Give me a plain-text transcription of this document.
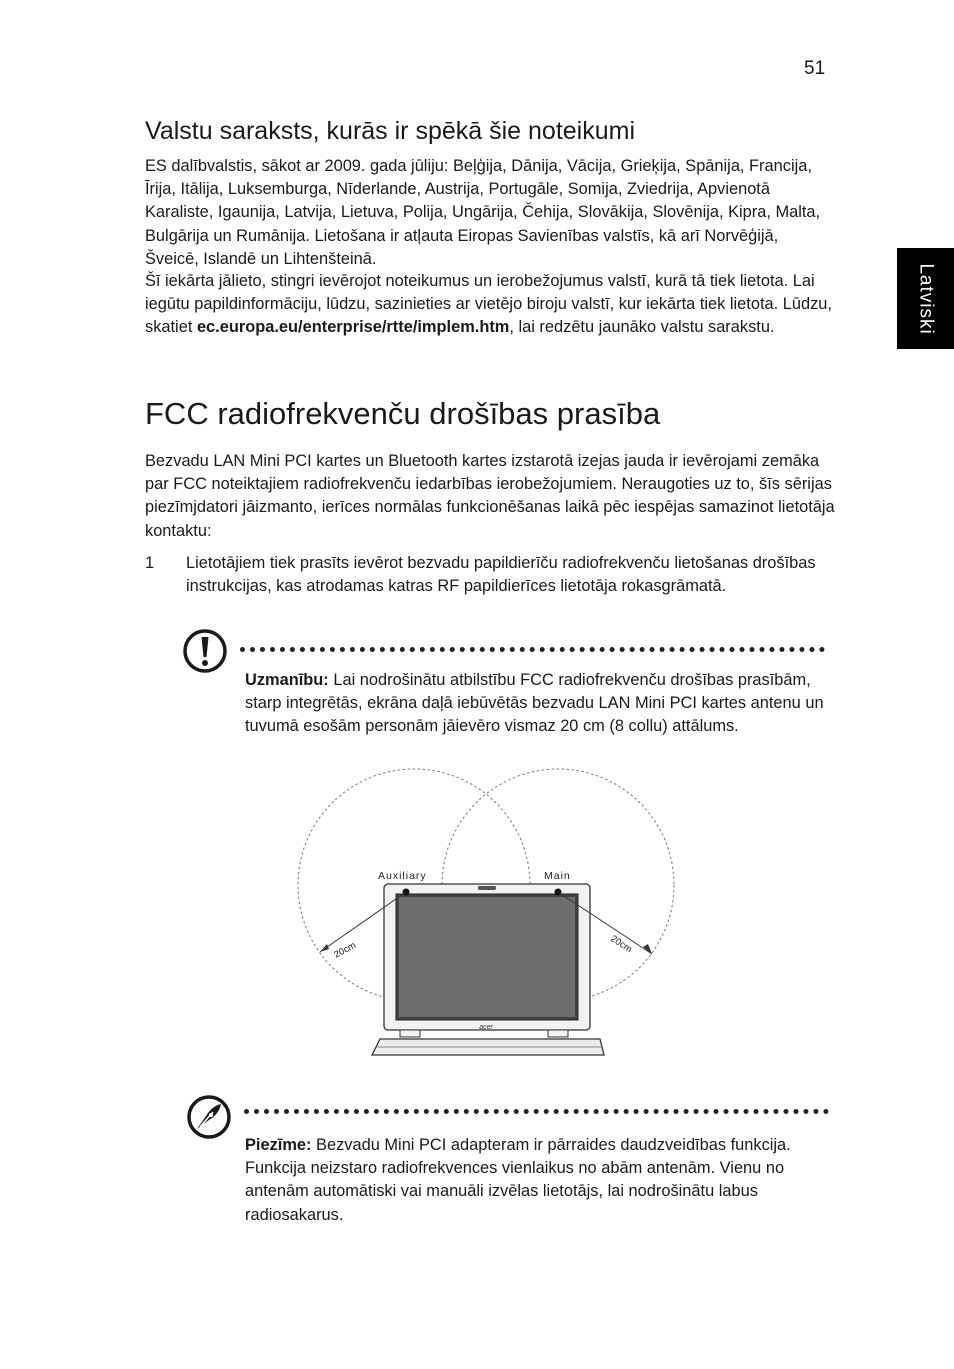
51
Latviski
Valstu saraksts, kurās ir spēkā šie noteikumi

ES dalībvalstis, sākot ar 2009. gada jūliju: Beļģija, Dānija, Vācija, Grieķija, Spānija, Francija, Īrija, Itālija, Luksemburga, Nīderlande, Austrija, Portugāle, Somija, Zviedrija, Apvienotā Karaliste, Igaunija, Latvija, Lietuva, Polija, Ungārija, Čehija, Slovākija, Slovēnija, Kipra, Malta, Bulgārija un Rumānija. Lietošana ir atļauta Eiropas Savienības valstīs, kā arī Norvēģijā, Šveicē, Islandē un Lihtenšteinā.

Šī iekārta jālieto, stingri ievērojot noteikumus un ierobežojumus valstī, kurā tā tiek lietota. Lai iegūtu papildinformāciju, lūdzu, sazinieties ar vietējo biroju valstī, kur iekārta tiek lietota. Lūdzu, skatiet ec.europa.eu/enterprise/rtte/implem.htm, lai redzētu jaunāko valstu sarakstu.

FCC radiofrekvenču drošības prasība

Bezvadu LAN Mini PCI kartes un Bluetooth kartes izstarotā izejas jauda ir ievērojami zemāka par FCC noteiktajiem radiofrekvenču iedarbības ierobežojumiem. Neraugoties uz to, šīs sērijas piezīmjdatori jāizmanto, ierīces normālas funkcionēšanas laikā pēc iespējas samazinot lietotāja kontaktu:

1 Lietotājiem tiek prasīts ievērot bezvadu papildierīču radiofrekvenču lietošanas drošības instrukcijas, kas atrodamas katras RF papildierīces lietotāja rokasgrāmatā.

Uzmanību: Lai nodrošinātu atbilstību FCC radiofrekvenču drošības prasībām, starp integrētās, ekrāna daļā iebūvētās bezvadu LAN Mini PCI kartes antenu un tuvumā esošām personām jāievēro vismaz 20 cm (8 collu) attālums.

acer
Auxiliary	Main
20cm	20cm

Piezīme: Bezvadu Mini PCI adapteram ir pārraides daudzveidības funkcija. Funkcija neizstaro radiofrekvences vienlaikus no abām antenām. Vienu no antenām automātiski vai manuāli izvēlas lietotājs, lai nodrošinātu labus radiosakarus.
